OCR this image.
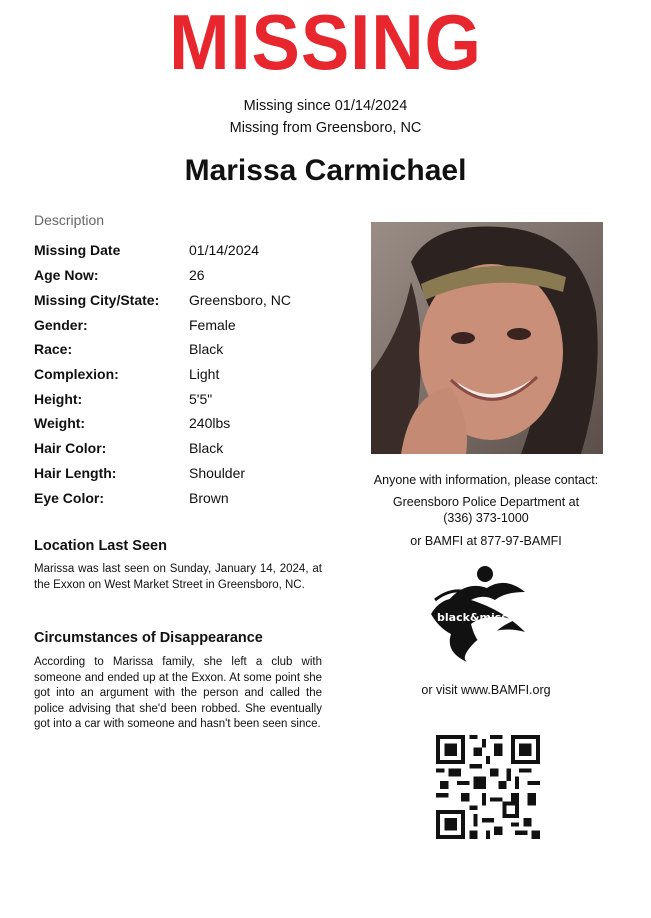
MISSING
Missing since 01/14/2024
Missing from Greensboro, NC
Marissa Carmichael
Description
Missing Date	01/14/2024
Age Now:	26
Missing City/State: Greensboro, NC
Gender:	Female
Race:	Black
Complexion:	Light
Height:	5'5"
Weight:	240lbs
Hair Color:	Black
Hair Length:	Shoulder
Eye Color:	Brown
Location Last Seen
Marissa was last seen on Sunday, January 14, 2024, at the Exxon on West Market Street in Greensboro, NC.
Circumstances of Disappearance
According to Marissa family, she left a club with someone and ended up at the Exxon. At some point she got into an argument with the person and called the police advising that she'd been robbed. She eventually got into a car with someone and hasn't been seen since.
Anyone with information, please contact:
Greensboro Police Department at
(336) 373-1000
or BAMFI at 877-97-BAMFI
black&missing
or visit www.BAMFI.org
